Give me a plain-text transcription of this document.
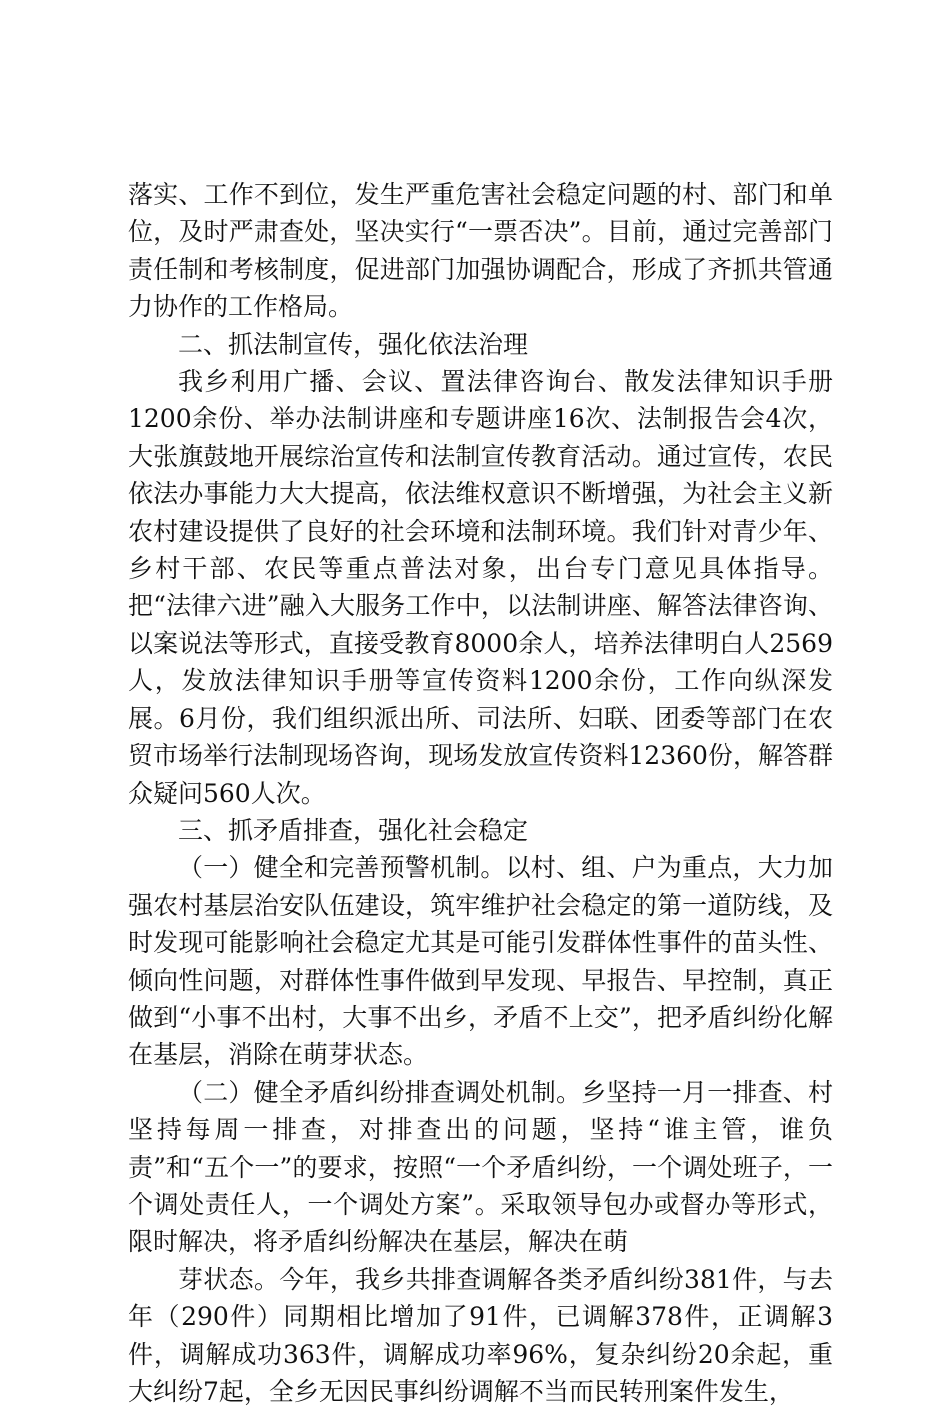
落实、工作不到位，发生严重危害社会稳定问题的村、部门和单位，及时严肃查处，坚决实行“一票否决”。目前，通过完善部门责任制和考核制度，促进部门加强协调配合，形成了齐抓共管通力协作的工作格局。

二、抓法制宣传，强化依法治理

我乡利用广播、会议、置法律咨询台、散发法律知识手册1200余份、举办法制讲座和专题讲座16次、法制报告会4次，大张旗鼓地开展综治宣传和法制宣传教育活动。通过宣传，农民依法办事能力大大提高，依法维权意识不断增强，为社会主义新农村建设提供了良好的社会环境和法制环境。我们针对青少年、乡村干部、农民等重点普法对象，出台专门意见具体指导。把“法律六进”融入大服务工作中，以法制讲座、解答法律咨询、以案说法等形式，直接受教育8000余人，培养法律明白人2569人，发放法律知识手册等宣传资料1200余份，工作向纵深发展。6月份，我们组织派出所、司法所、妇联、团委等部门在农贸市场举行法制现场咨询，现场发放宣传资料12360份，解答群众疑问560人次。

三、抓矛盾排查，强化社会稳定

（一）健全和完善预警机制。以村、组、户为重点，大力加强农村基层治安队伍建设，筑牢维护社会稳定的第一道防线，及时发现可能影响社会稳定尤其是可能引发群体性事件的苗头性、倾向性问题，对群体性事件做到早发现、早报告、早控制，真正做到“小事不出村，大事不出乡，矛盾不上交”，把矛盾纠纷化解在基层，消除在萌芽状态。

（二）健全矛盾纠纷排查调处机制。乡坚持一月一排查、村坚持每周一排查，对排查出的问题，坚持“谁主管，谁负责”和“五个一”的要求，按照“一个矛盾纠纷，一个调处班子，一个调处责任人，一个调处方案”。采取领导包办或督办等形式，限时解决，将矛盾纠纷解决在基层，解决在萌

芽状态。今年，我乡共排查调解各类矛盾纠纷381件，与去年（290件）同期相比增加了91件，已调解378件，正调解3件，调解成功363件，调解成功率96%，复杂纠纷20余起，重大纠纷7起，全乡无因民事纠纷调解不当而民转刑案件发生，
